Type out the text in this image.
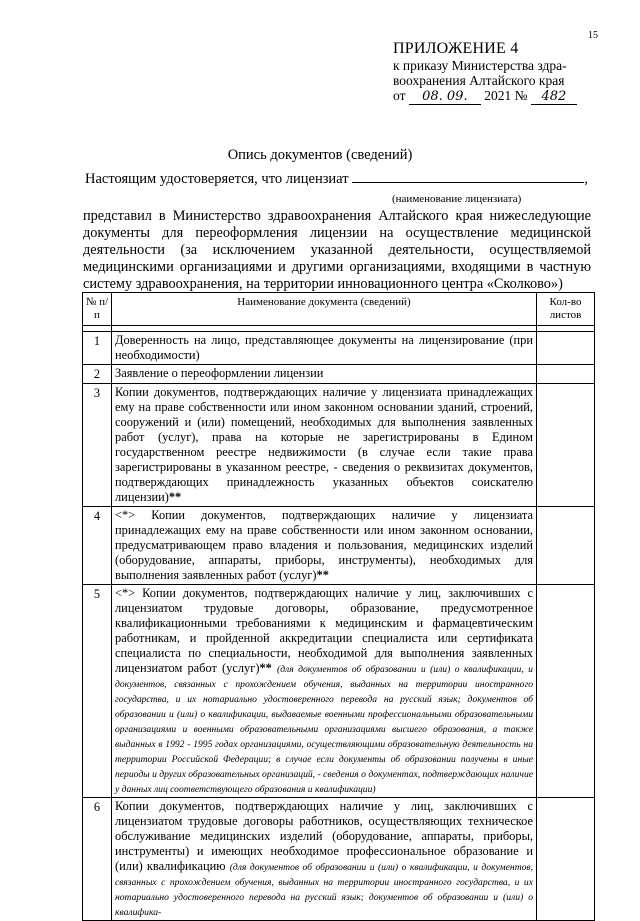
15
ПРИЛОЖЕНИЕ 4
к приказу Министерства здра-
воохранения Алтайского края
от 08. 09. 2021 № 482
Опись документов (сведений)
Настоящим удостоверяется, что лицензиат	,
(наименование лицензиата)
представил в Министерство здравоохранения Алтайского края нижеследующие документы для переоформления лицензии на осуществление медицинской деятельности (за исключением указанной деятельности, осуществляемой медицинскими организациями и другими организациями, входящими в частную систему здравоохранения, на территории инновационного центра «Сколково»)
№ п/п	Наименование документа (сведений)	Кол-во листов

1	Доверенность на лицо, представляющее документы на лицензирование (при необходимости)	
2	Заявление о переоформлении лицензии	
3	Копии документов, подтверждающих наличие у лицензиата принадлежащих ему на праве собственности или ином законном основании зданий, строений, сооружений и (или) помещений, необходимых для выполнения заявленных работ (услуг), права на которые не зарегистрированы в Едином государственном реестре недвижимости (в случае если такие права зарегистрированы в указанном реестре, - сведения о реквизитах документов, подтверждающих принадлежность указанных объектов соискателю лицензии)**	
4	<*> Копии документов, подтверждающих наличие у лицензиата принадлежащих ему на праве собственности или ином законном основании, предусматривающем право владения и пользования, медицинских изделий (оборудование, аппараты, приборы, инструменты), необходимых для выполнения заявленных работ (услуг)**	
5	<*> Копии документов, подтверждающих наличие у лиц, заключивших с лицензиатом трудовые договоры, образование, предусмотренное квалификационными требованиями к медицинским и фармацевтическим работникам, и пройденной аккредитации специалиста или сертификата специалиста по специальности, необходимой для выполнения заявленных лицензиатом работ (услуг)** (для документов об образовании и (или) о квалификации, и документов, связанных с прохождением обучения, выданных на территории иностранного государства, и их нотариально удостоверенного перевода на русский язык; документов об образовании и (или) о квалификации, выдаваемые военными профессиональными образовательными организациями и военными образовательными организациями высшего образования, а также выданных в 1992 - 1995 годах организациями, осуществляющими образовательную деятельность на территории Российской Федерации; в случае если документы об образовании получены в иные периоды и других образовательных организаций, - сведения о документах, подтверждающих наличие у данных лиц соответствующего образования и квалификации)	
6	Копии документов, подтверждающих наличие у лиц, заключивших с лицензиатом трудовые договоры работников, осуществляющих техническое обслуживание медицинских изделий (оборудование, аппараты, приборы, инструменты) и имеющих необходимое профессиональное образование и (или) квалификацию (для документов об образовании и (или) о квалификации, и документов, связанных с прохождением обучения, выданных на территории иностранного государства, и их нотариально удостоверенного перевода на русский язык; документов об образовании и (или) о квалифика-	
